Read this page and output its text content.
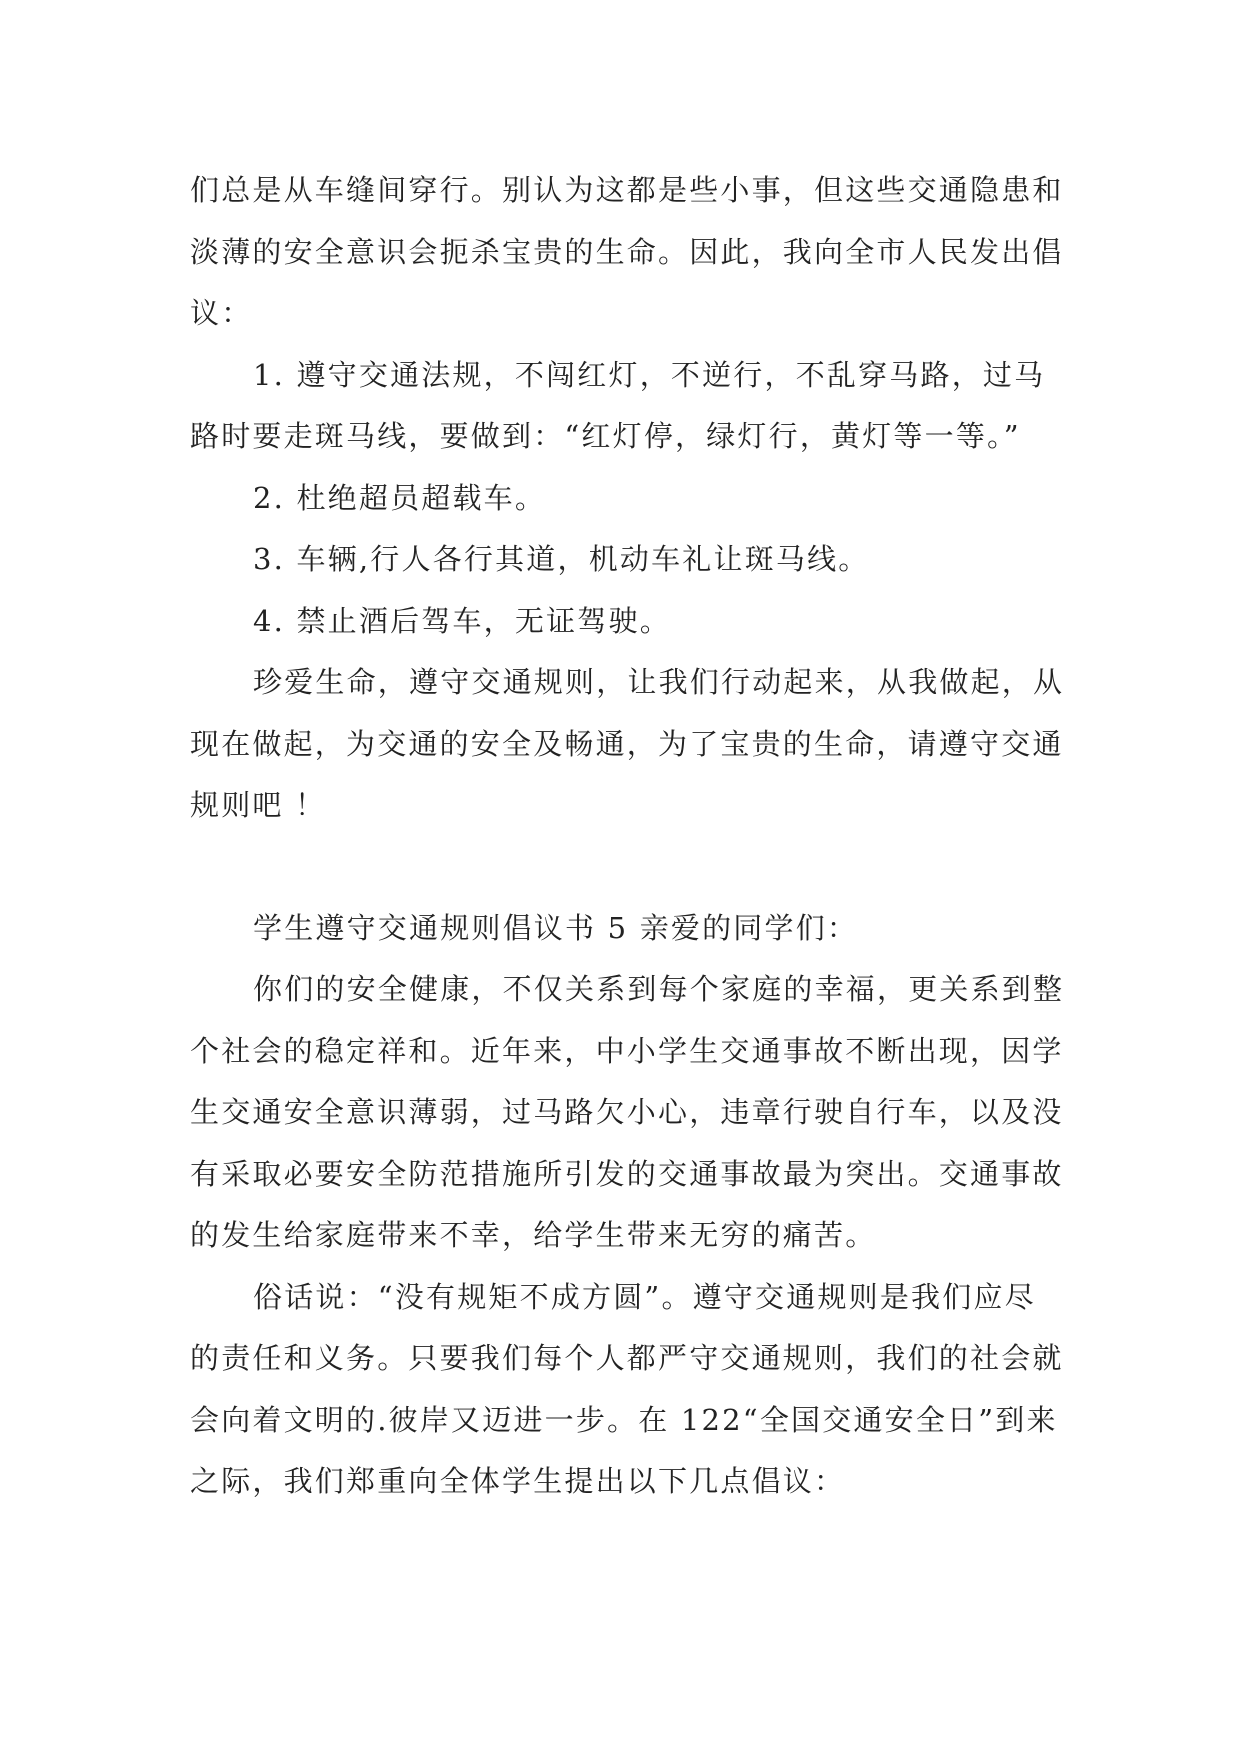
们总是从车缝间穿行。别认为这都是些小事，但这些交通隐患和淡薄的安全意识会扼杀宝贵的生命。因此，我向全市人民发出倡议：

1. 遵守交通法规，不闯红灯，不逆行，不乱穿马路，过马路时要走斑马线，要做到：“红灯停，绿灯行，黄灯等一等。”

2. 杜绝超员超载车。

3. 车辆,行人各行其道，机动车礼让斑马线。

4. 禁止酒后驾车，无证驾驶。

珍爱生命，遵守交通规则，让我们行动起来，从我做起，从现在做起，为交通的安全及畅通，为了宝贵的生命，请遵守交通规则吧 ！

学生遵守交通规则倡议书 5 亲爱的同学们：

你们的安全健康，不仅关系到每个家庭的幸福，更关系到整个社会的稳定祥和。近年来，中小学生交通事故不断出现，因学生交通安全意识薄弱，过马路欠小心，违章行驶自行车，以及没有采取必要安全防范措施所引发的交通事故最为突出。交通事故的发生给家庭带来不幸，给学生带来无穷的痛苦。

俗话说：“没有规矩不成方圆”。遵守交通规则是我们应尽的责任和义务。只要我们每个人都严守交通规则，我们的社会就会向着文明的.彼岸又迈进一步。在 122“全国交通安全日”到来之际，我们郑重向全体学生提出以下几点倡议：
